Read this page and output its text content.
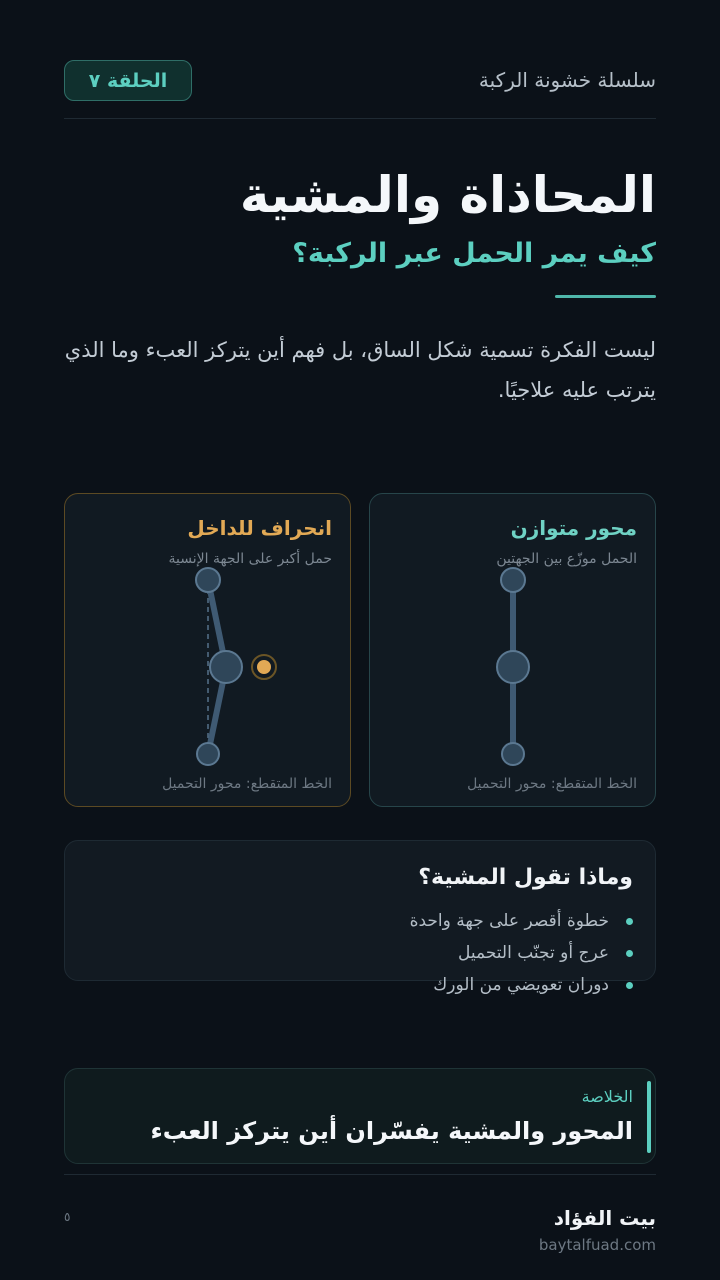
سلسلة خشونة الركبة
الحلقة ٧
المحاذاة والمشية
كيف يمر الحمل عبر الركبة؟

ليست الفكرة تسمية شكل الساق، بل فهم أين يتركز العبء وما الذي يترتب عليه علاجيًا.

محور متوازن
الحمل موزّع بين الجهتين
الخط المتقطع: محور التحميل
انحراف للداخل
حمل أكبر على الجهة الإنسية
الخط المتقطع: محور التحميل
وماذا تقول المشية؟
خطوة أقصر على جهة واحدة
عرج أو تجنّب التحميل
دوران تعويضي من الورك
الخلاصة
المحور والمشية يفسّران أين يتركز العبء
بيت الفؤاد
baytalfuad.com
٥
